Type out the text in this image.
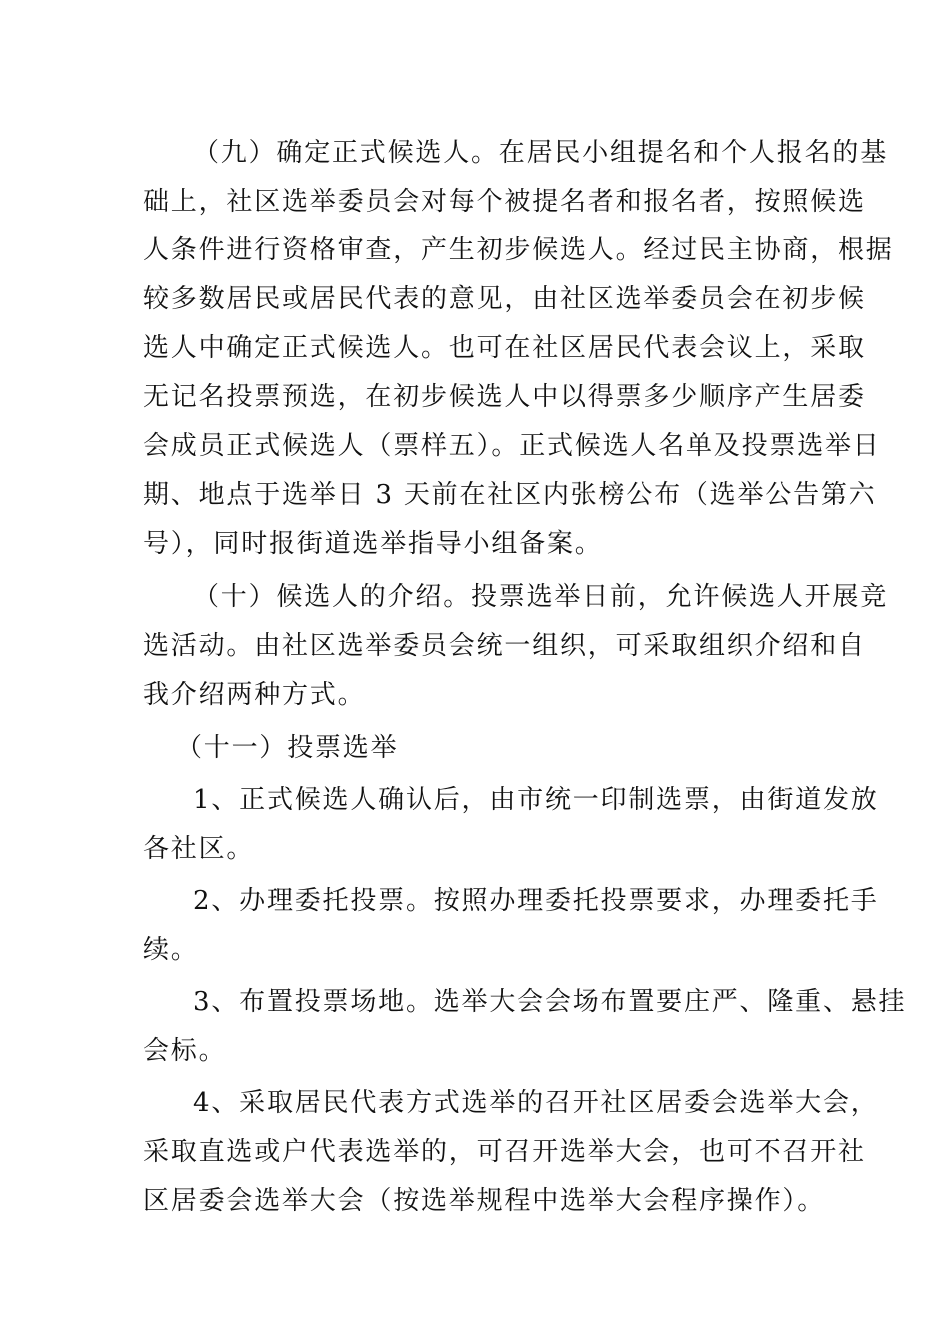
（九）确定正式候选人。在居民小组提名和个人报名的基
础上，社区选举委员会对每个被提名者和报名者，按照候选
人条件进行资格审查，产生初步候选人。经过民主协商，根据
较多数居民或居民代表的意见，由社区选举委员会在初步候
选人中确定正式候选人。也可在社区居民代表会议上，采取
无记名投票预选，在初步候选人中以得票多少顺序产生居委
会成员正式候选人（票样五）。正式候选人名单及投票选举日
期、地点于选举日 3 天前在社区内张榜公布（选举公告第六
号），同时报街道选举指导小组备案。
（十）候选人的介绍。投票选举日前，允许候选人开展竞
选活动。由社区选举委员会统一组织，可采取组织介绍和自
我介绍两种方式。
（十一）投票选举
1、正式候选人确认后，由市统一印制选票，由街道发放
各社区。
2、办理委托投票。按照办理委托投票要求，办理委托手
续。
3、布置投票场地。选举大会会场布置要庄严、隆重、悬挂
会标。
4、采取居民代表方式选举的召开社区居委会选举大会，
采取直选或户代表选举的，可召开选举大会，也可不召开社
区居委会选举大会（按选举规程中选举大会程序操作）。
